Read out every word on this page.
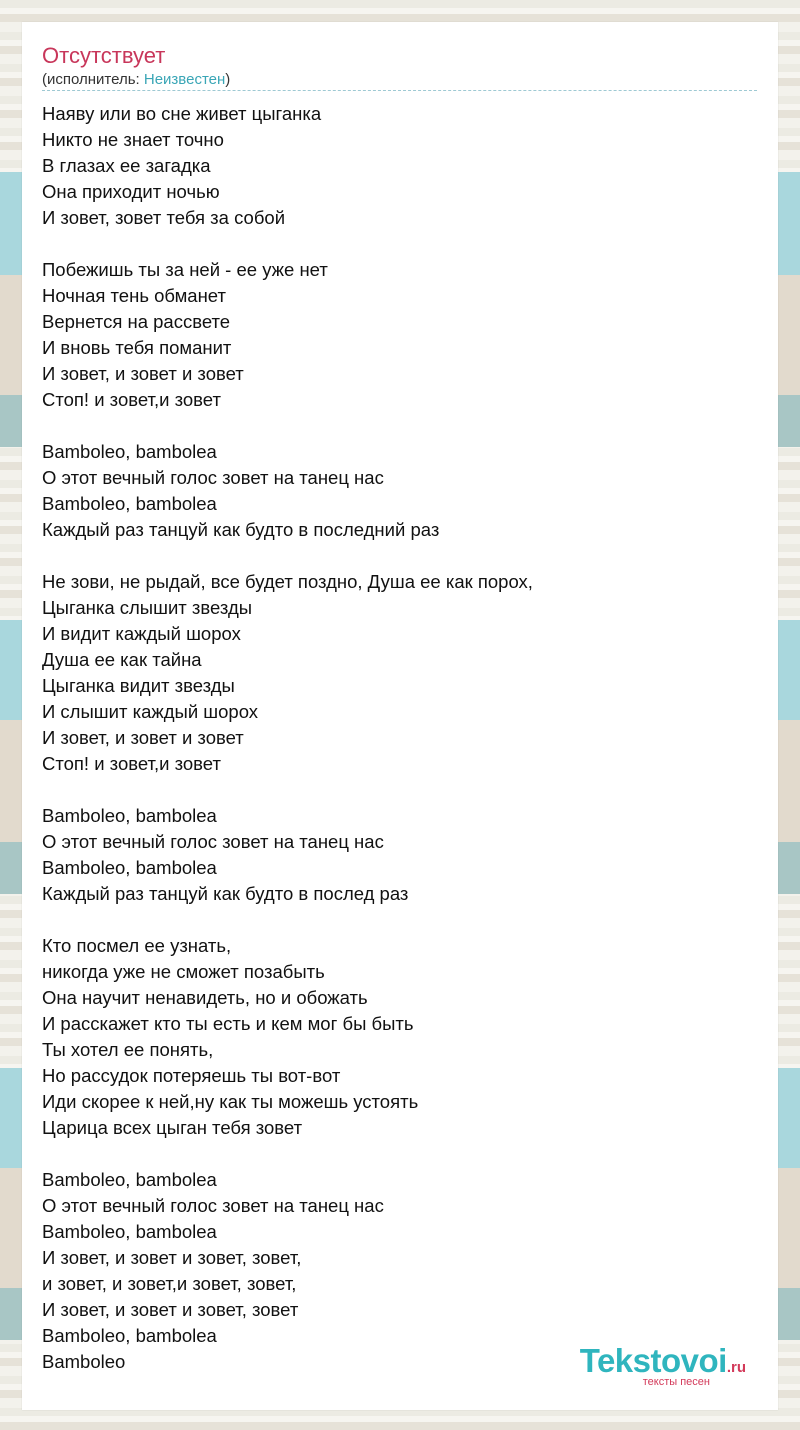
Отсутствует
(исполнитель: Неизвестен)
Наяву или во сне живет цыганка
Никто не знает точно
В глазах ее загадка
Она приходит ночью
И зовет, зовет тебя за собой
Побежишь ты за ней - ее уже нет
Ночная тень обманет
Вернется на рассвете
И вновь тебя поманит
И зовет, и зовет и зовет
Стоп! и зовет,и зовет
Bamboleo, bambolea
О этот вечный голос зовет на танец нас
Bamboleo, bambolea
Каждый раз танцуй как будто в последний раз
Не зови, не рыдай, все будет поздно, Душа ее как порох,
Цыганка слышит звезды
И видит каждый шорох
Душа ее как тайна
Цыганка видит звезды
И слышит каждый шорох
И зовет, и зовет и зовет
Стоп! и зовет,и зовет
Bamboleo, bambolea
О этот вечный голос зовет на танец нас
Bamboleo, bambolea
Каждый раз танцуй как будто в послед раз
Кто посмел ее узнать,
никогда уже не сможет позабыть
Она научит ненавидеть, но и обожать
И расскажет кто ты есть и кем мог бы быть
Ты хотел ее понять,
Но рассудок потеряешь ты вот-вот
Иди скорее к ней,ну как ты можешь устоять
Царица всех цыган тебя зовет
Bamboleo, bambolea
О этот вечный голос зовет на танец нас
Bamboleo, bambolea
И зовет, и зовет и зовет, зовет,
и зовет, и зовет,и зовет, зовет,
И зовет, и зовет и зовет, зовет
Bamboleo, bambolea
Bamboleo	Tekstovoi.ru
тексты песен
